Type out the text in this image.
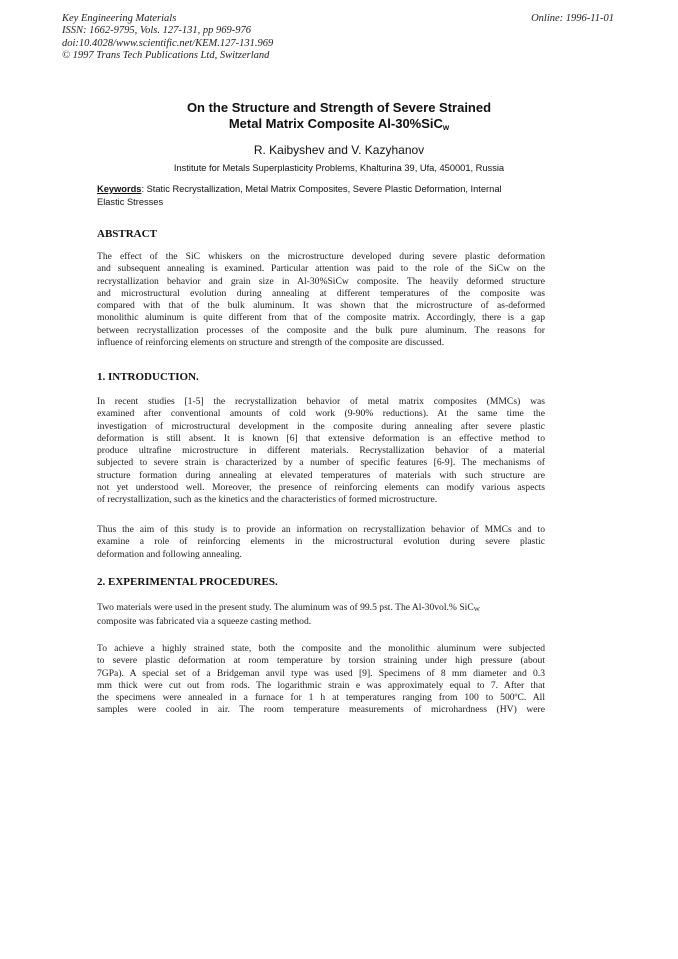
Key Engineering Materials
ISSN: 1662-9795, Vols. 127-131, pp 969-976
doi:10.4028/www.scientific.net/KEM.127-131.969
© 1997 Trans Tech Publications Ltd, Switzerland
Online: 1996-11-01
On the Structure and Strength of Severe Strained
Metal Matrix Composite Al-30%SiC$_w$
R. Kaibyshev and V. Kazyhanov
Institute for Metals Superplasticity Problems, Khalturina 39, Ufa, 450001, Russia
Keywords: Static Recrystallization, Metal Matrix Composites, Severe Plastic Deformation, Internal
Elastic Stresses
ABSTRACT
The effect of the SiC whiskers on the microstructure developed during severe plastic deformation
and subsequent annealing is examined. Particular attention was paid to the role of the SiCw on the
recrystallization behavior and grain size in Al-30%SiCw composite. The heavily deformed structure
and microstructural evolution during annealing at different temperatures of the composite was
compared with that of the bulk aluminum. It was shown that the microstructure of as-deformed
monolithic aluminum is quite different from that of the composite matrix. Accordingly, there is a gap
between recrystallization processes of the composite and the bulk pure aluminum. The reasons for
influence of reinforcing elements on structure and strength of the composite are discussed.
1. INTRODUCTION.
In recent studies [1-5] the recrystallization behavior of metal matrix composites (MMCs) was
examined after conventional amounts of cold work (9-90% reductions). At the same time the
investigation of microstructural development in the composite during annealing after severe plastic
deformation is still absent. It is known [6] that extensive deformation is an effective method to
produce ultrafine microstructure in different materials. Recrystallization behavior of a material
subjected to severe strain is characterized by a number of specific features [6-9]. The mechanisms of
structure formation during annealing at elevated temperatures of materials with such structure are
not yet understood well. Moreover, the presence of reinforcing elements can modify various aspects
of recrystallization, such as the kinetics and the characteristics of formed microstructure.
Thus the aim of this study is to provide an information on recrystallization behavior of MMCs and to
examine a role of reinforcing elements in the microstructural evolution during severe plastic
deformation and following annealing.
2. EXPERIMENTAL PROCEDURES.
Two materials were used in the present study. The aluminum was of 99.5 pst. The Al-30vol.% SiC$_W$
composite was fabricated via a squeeze casting method.
To achieve a highly strained state, both the composite and the monolithic aluminum were subjected
to severe plastic deformation at room temperature by torsion straining under high pressure (about
7GPa). A special set of a Bridgeman anvil type was used [9]. Specimens of 8 mm diameter and 0.3
mm thick were cut out from rods. The logarithmic strain e was approximately equal to 7. After that
the specimens were annealed in a furnace for 1 h at temperatures ranging from 100 to 500ºC. All
samples were cooled in air. The room temperature measurements of microhardness (HV) were
